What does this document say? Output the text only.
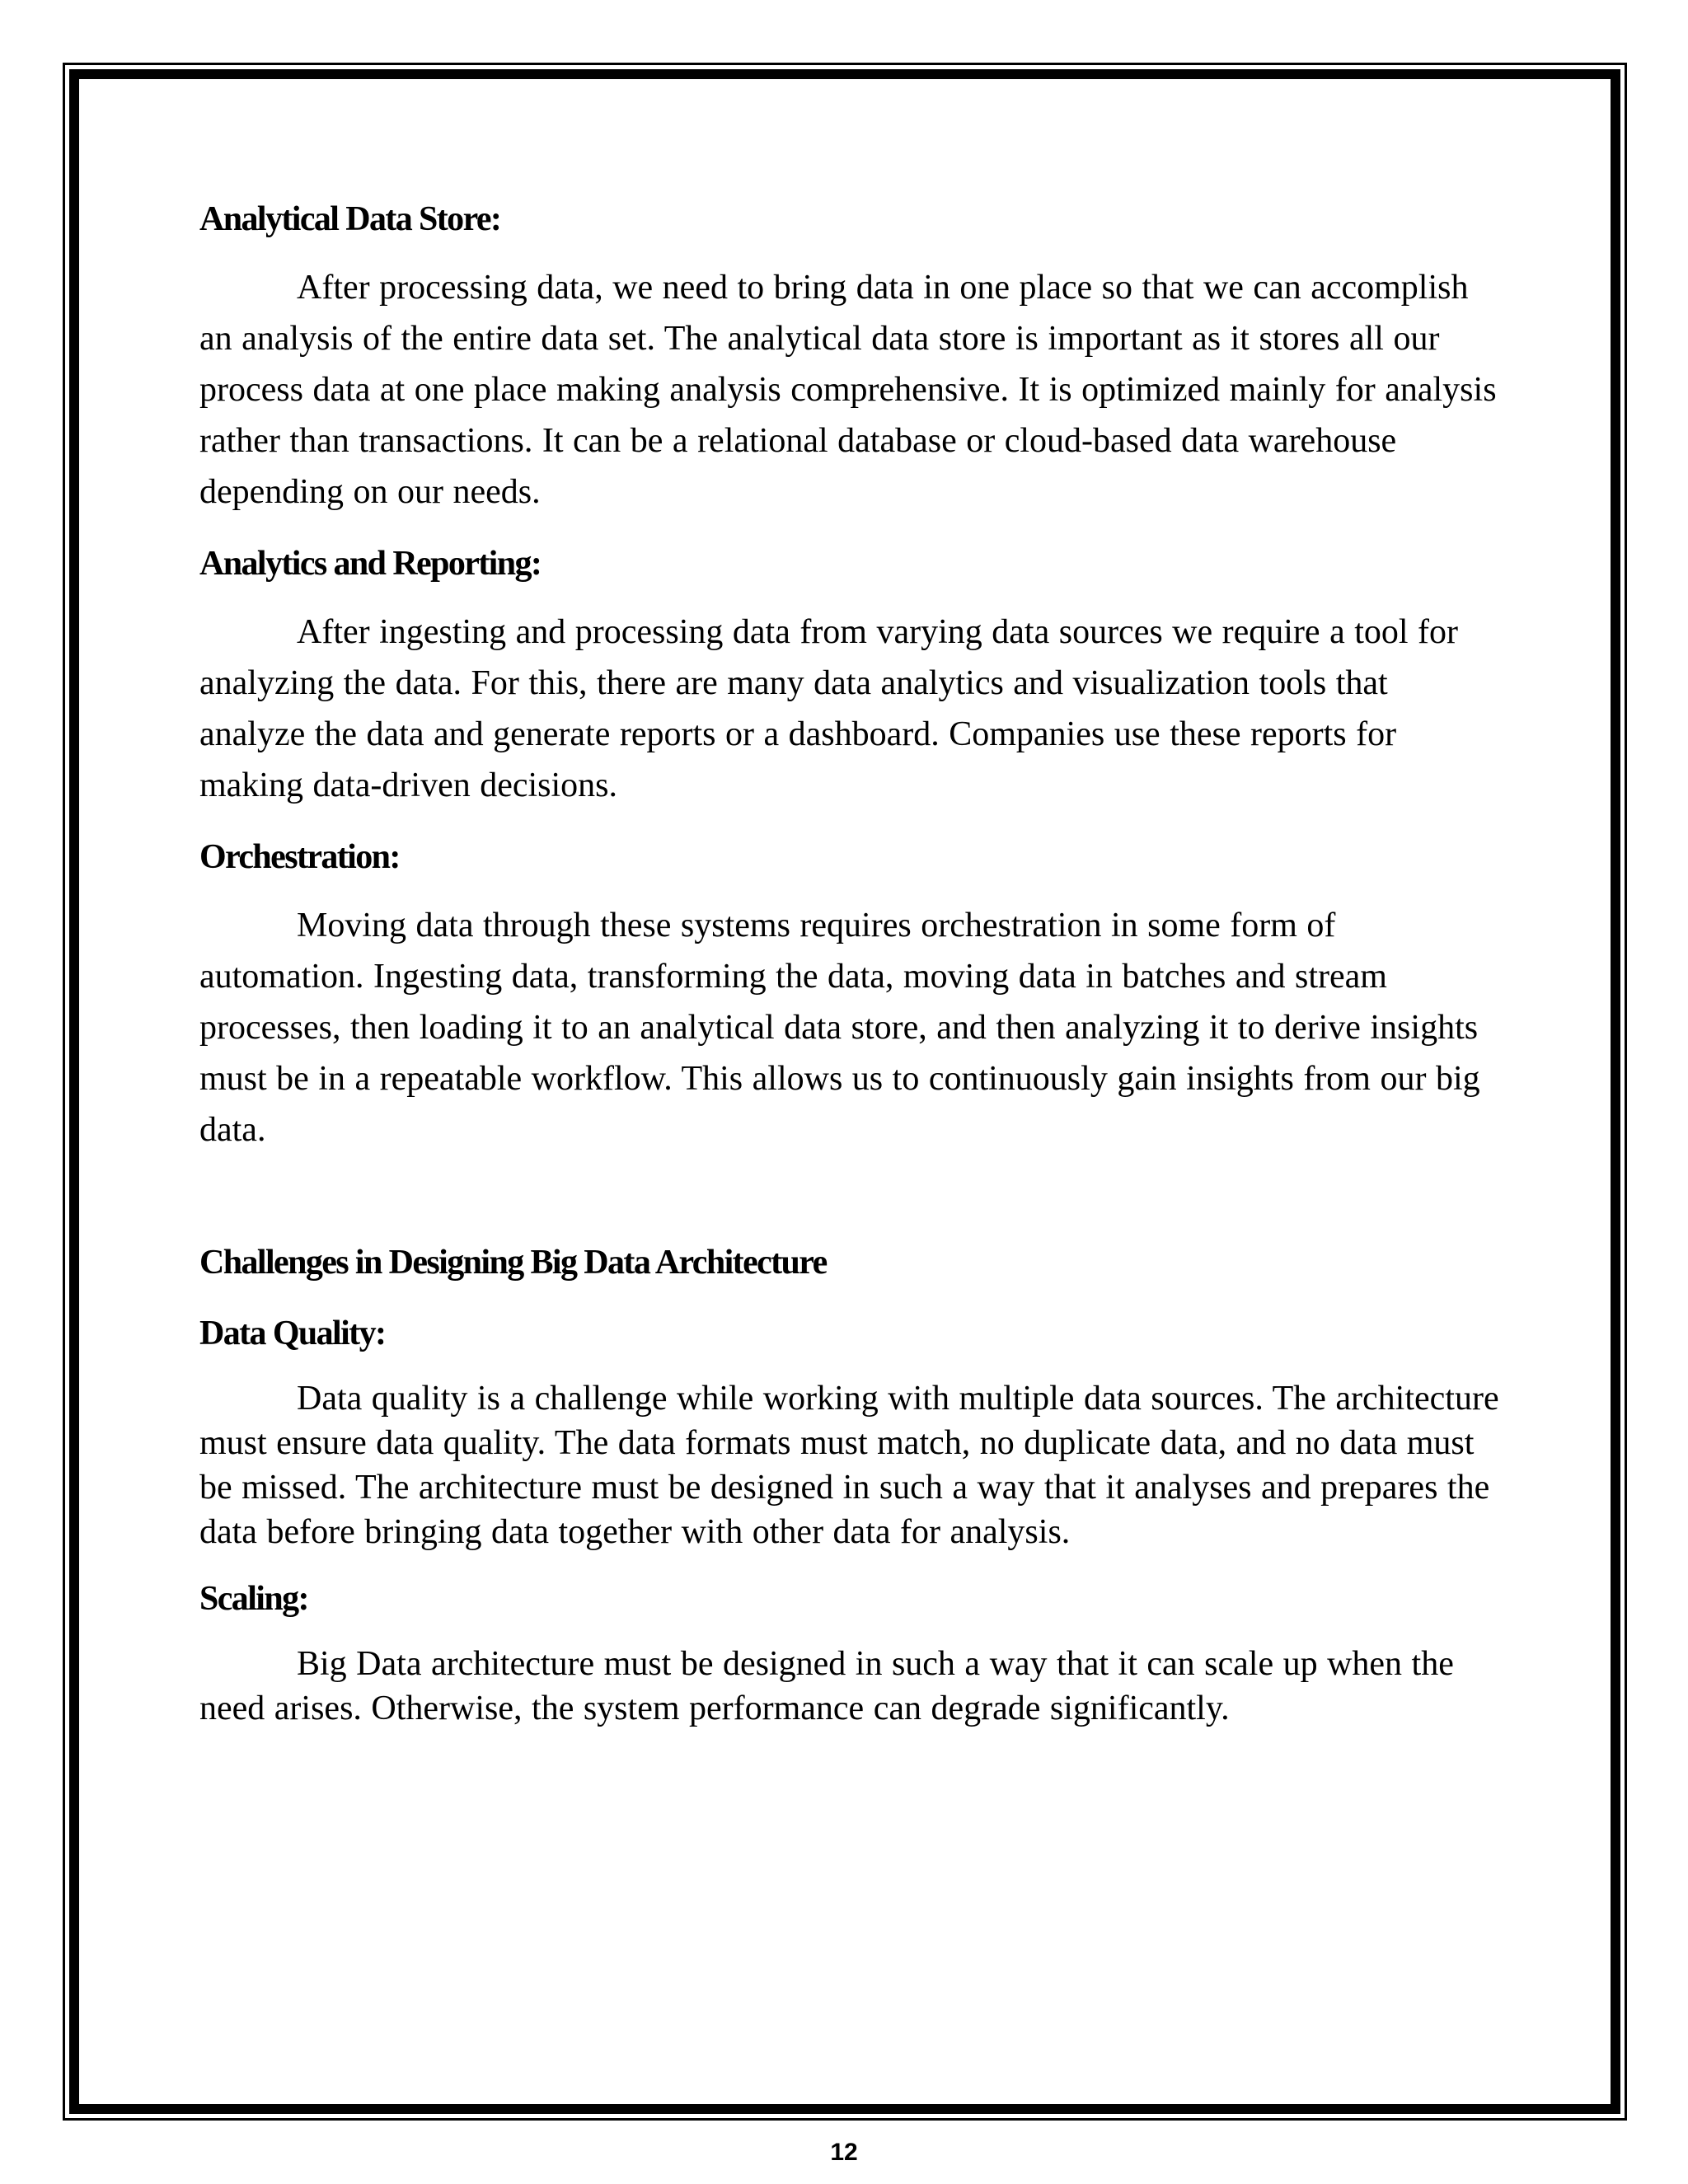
Analytical Data Store:

After processing data, we need to bring data in one place so that we can accomplish an analysis of the entire data set. The analytical data store is important as it stores all our process data at one place making analysis comprehensive. It is optimized mainly for analysis rather than transactions. It can be a relational database or cloud-based data warehouse depending on our needs.

Analytics and Reporting:

After ingesting and processing data from varying data sources we require a tool for analyzing the data. For this, there are many data analytics and visualization tools that analyze the data and generate reports or a dashboard. Companies use these reports for making data-driven decisions.

Orchestration:

Moving data through these systems requires orchestration in some form of automation. Ingesting data, transforming the data, moving data in batches and stream processes, then loading it to an analytical data store, and then analyzing it to derive insights must be in a repeatable workflow. This allows us to continuously gain insights from our big data.

Challenges in Designing Big Data Architecture
Data Quality:

Data quality is a challenge while working with multiple data sources. The architecture must ensure data quality. The data formats must match, no duplicate data, and no data must be missed. The architecture must be designed in such a way that it analyses and prepares the data before bringing data together with other data for analysis.

Scaling:

Big Data architecture must be designed in such a way that it can scale up when the need arises. Otherwise, the system performance can degrade significantly.

12
